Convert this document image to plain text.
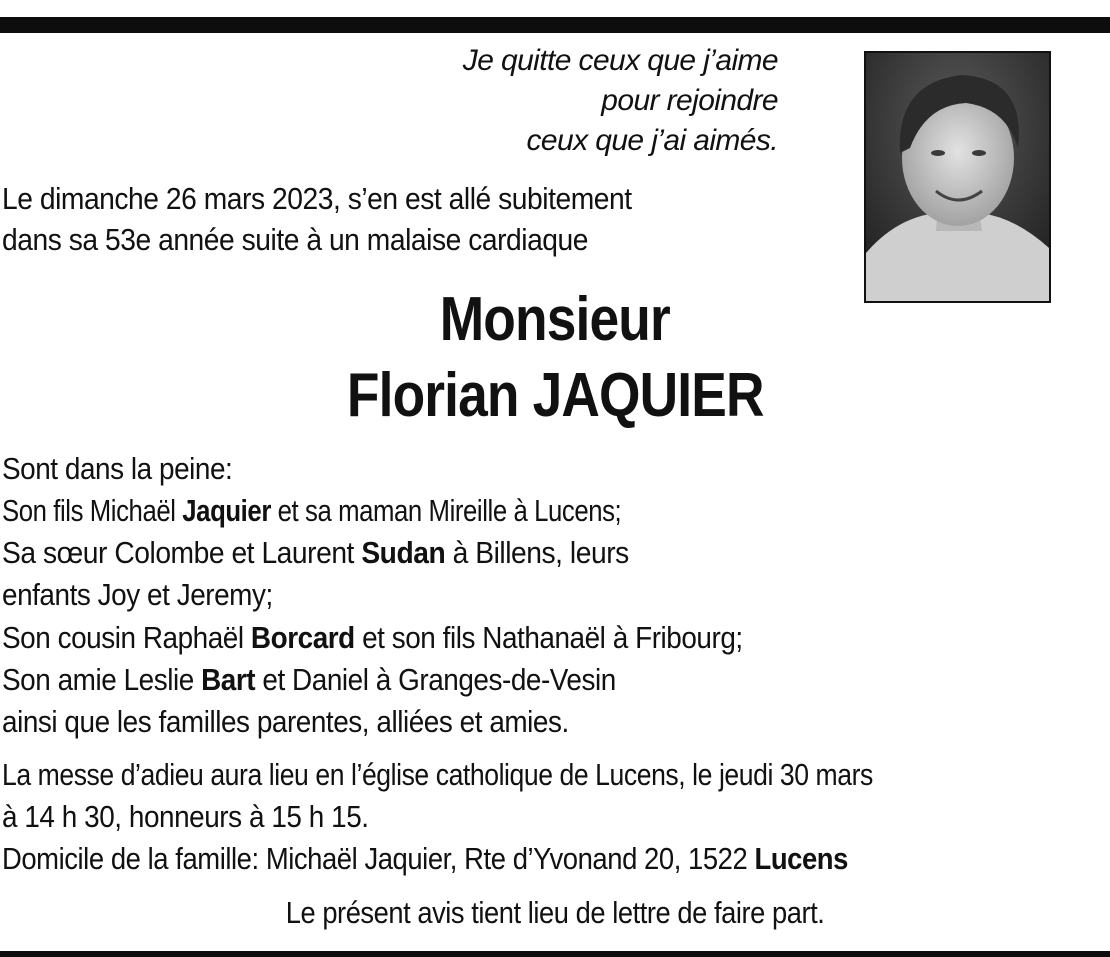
Je quitte ceux que j’aime
pour rejoindre
ceux que j’ai aimés.
Le dimanche 26 mars 2023, s’en est allé subitement
dans sa 53e année suite à un malaise cardiaque
Monsieur
Florian JAQUIER
Sont dans la peine:
Son fils Michaël Jaquier et sa maman Mireille à Lucens;
Sa sœur Colombe et Laurent Sudan à Billens, leurs
enfants Joy et Jeremy;
Son cousin Raphaël Borcard et son fils Nathanaël à Fribourg;
Son amie Leslie Bart et Daniel à Granges-de-Vesin
ainsi que les familles parentes, alliées et amies.
La messe d’adieu aura lieu en l’église catholique de Lucens, le jeudi 30 mars
à 14 h 30, honneurs à 15 h 15.
Domicile de la famille: Michaël Jaquier, Rte d’Yvonand 20, 1522 Lucens
Le présent avis tient lieu de lettre de faire part.
